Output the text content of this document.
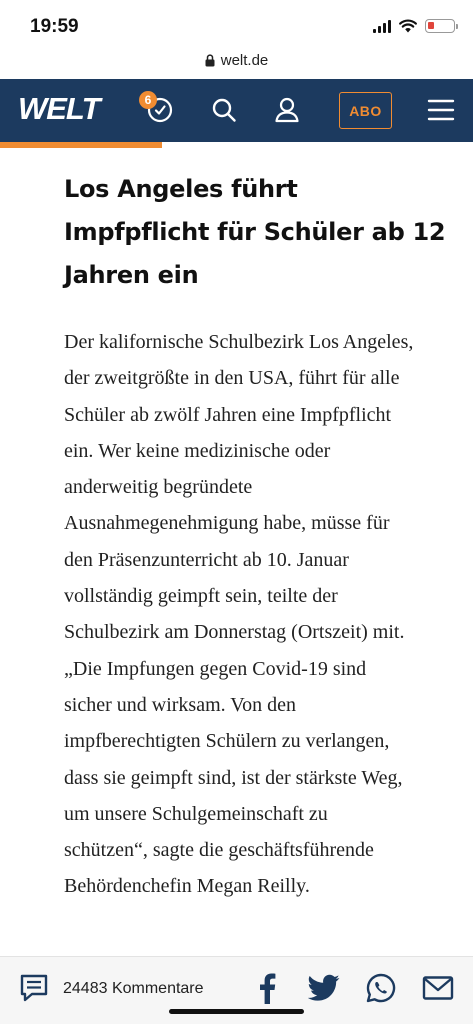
19:59
welt.de
WELT	6
ABO
Los Angeles führt Impfpflicht für Schüler ab 12 Jahren ein

Der kalifornische Schulbezirk Los Angeles, der zweitgrößte in den USA, führt für alle Schüler ab zwölf Jahren eine Impfpflicht ein. Wer keine medizinische oder anderweitig begründete Ausnahmegenehmigung habe, müsse für den Präsenzunterricht ab 10. Januar vollständig geimpft sein, teilte der Schulbezirk am Donnerstag (Ortszeit) mit. „Die Impfungen gegen Covid-19 sind sicher und wirksam. Von den impfberechtigten Schülern zu verlangen, dass sie geimpft sind, ist der stärkste Weg, um unsere Schulgemeinschaft zu schützen“, sagte die geschäftsführende Behördenchefin Megan Reilly.

24483 Kommentare
